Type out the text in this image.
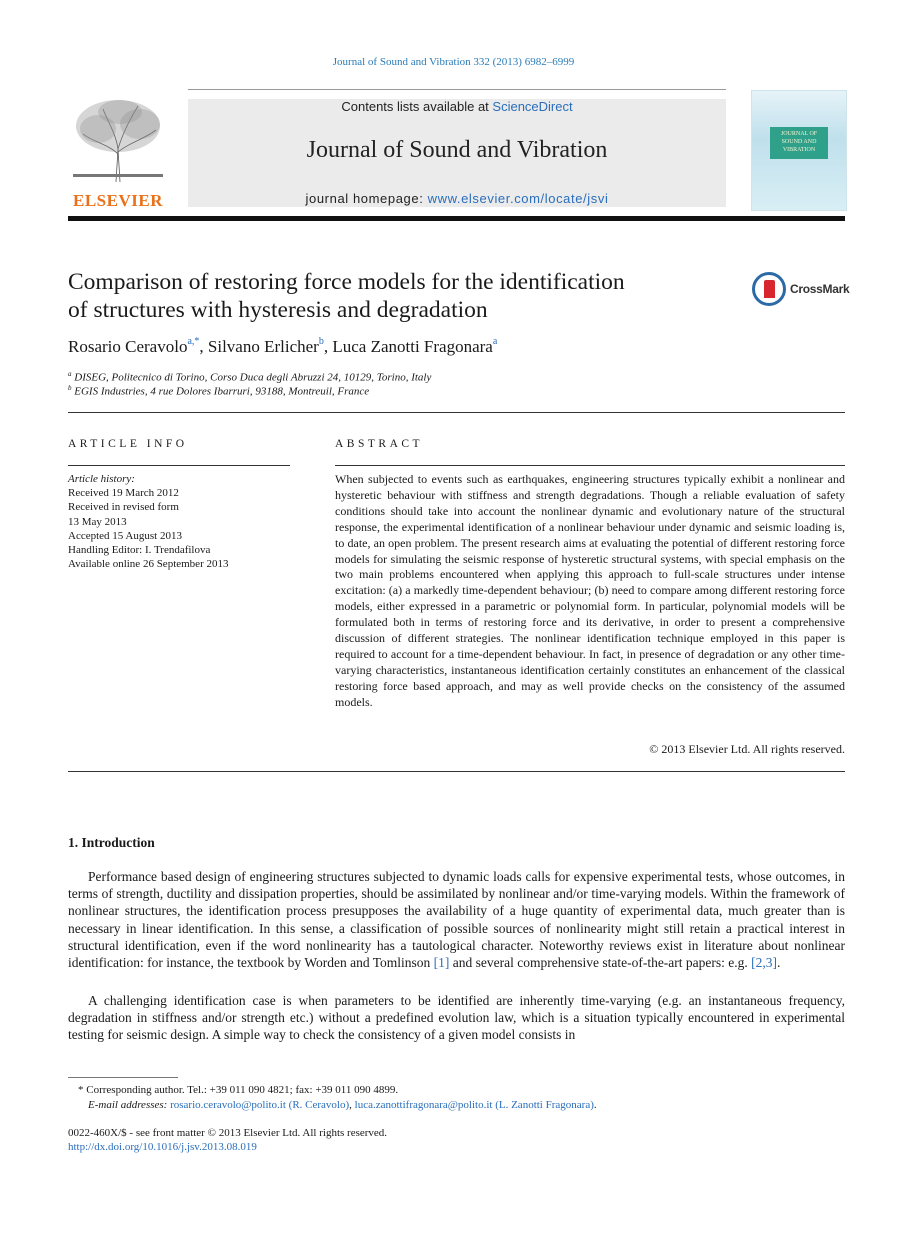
Journal of Sound and Vibration 332 (2013) 6982–6999
ELSEVIER
Contents lists available at ScienceDirect
Journal of Sound and Vibration
journal homepage: www.elsevier.com/locate/jsvi
JOURNAL OF SOUND AND VIBRATION
Comparison of restoring force models for the identification
of structures with hysteresis and degradation
CrossMark
Rosario Ceravolo$^{a,*}$, Silvano Erlicher$^b$, Luca Zanotti Fragonara$^a$
$^a$ DISEG, Politecnico di Torino, Corso Duca degli Abruzzi 24, 10129, Torino, Italy
$^b$ EGIS Industries, 4 rue Dolores Ibarruri, 93188, Montreuil, France
ARTICLE INFO
Article history:
Received 19 March 2012
Received in revised form
13 May 2013
Accepted 15 August 2013
Handling Editor: I. Trendafilova
Available online 26 September 2013
ABSTRACT
When subjected to events such as earthquakes, engineering structures typically exhibit a nonlinear and hysteretic behaviour with stiffness and strength degradations. Though a reliable evaluation of safety conditions should take into account the nonlinear dynamic and evolutionary nature of the structural response, the experimental identification of a nonlinear behaviour under dynamic and seismic loading is, to date, an open problem. The present research aims at evaluating the potential of different restoring force models for simulating the seismic response of hysteretic structural systems, with special emphasis on the two main problems encountered when applying this approach to full-scale structures under intense excitation: (a) a markedly time-dependent behaviour; (b) need to compare among different restoring force models, either expressed in a parametric or polynomial form. In particular, polynomial models will be formulated both in terms of restoring force and its derivative, in order to present a comprehensive discussion of different strategies. The nonlinear identification technique employed in this paper is required to account for a time-dependent behaviour. In fact, in presence of degradation or any other time-varying characteristics, instantaneous identification certainly constitutes an enhancement of the classical restoring force based approach, and may as well provide checks on the consistency of the assumed models.
© 2013 Elsevier Ltd. All rights reserved.
1. Introduction
Performance based design of engineering structures subjected to dynamic loads calls for expensive experimental tests, whose outcomes, in terms of strength, ductility and dissipation properties, should be assimilated by nonlinear and/or time-varying models. Within the framework of nonlinear structures, the identification process presupposes the availability of a huge quantity of experimental data, much greater than is necessary in linear identification. In this sense, a classification of possible sources of nonlinearity might still retain a practical interest in structural identification, even if the word nonlinearity has a tautological character. Noteworthy reviews exist in literature about nonlinear identification: for instance, the textbook by Worden and Tomlinson [1] and several comprehensive state-of-the-art papers: e.g. [2,3].
A challenging identification case is when parameters to be identified are inherently time-varying (e.g. an instantaneous frequency, degradation in stiffness and/or strength etc.) without a predefined evolution law, which is a situation typically encountered in experimental testing for seismic design. A simple way to check the consistency of a given model consists in
* Corresponding author. Tel.: +39 011 090 4821; fax: +39 011 090 4899.
E-mail addresses: rosario.ceravolo@polito.it (R. Ceravolo), luca.zanottifragonara@polito.it (L. Zanotti Fragonara).
0022-460X/$ - see front matter © 2013 Elsevier Ltd. All rights reserved.
http://dx.doi.org/10.1016/j.jsv.2013.08.019
